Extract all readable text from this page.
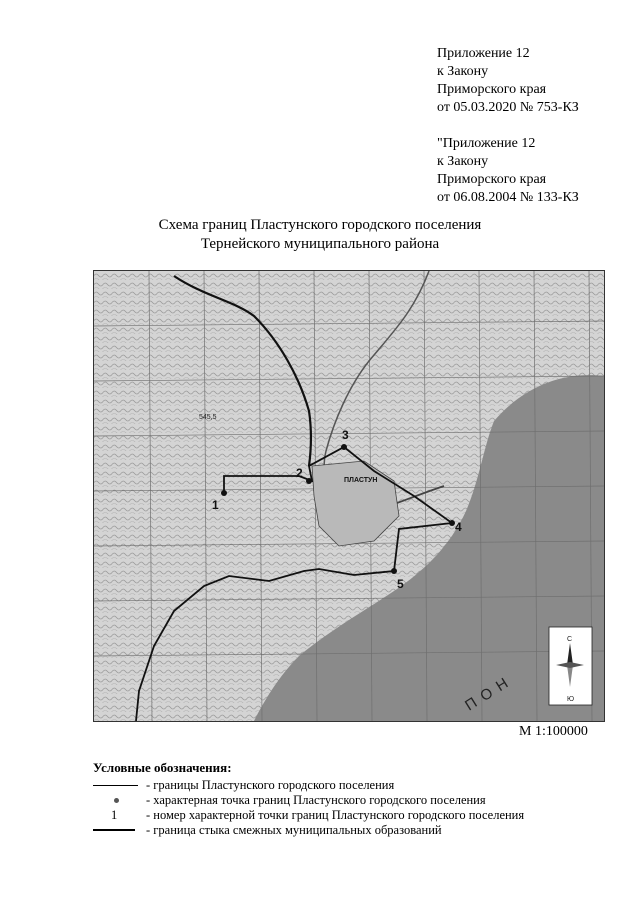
Приложение 12
к Закону
Приморского края
от 05.03.2020 № 753-КЗ
"Приложение 12
к Закону
Приморского края
от 06.08.2004 № 133-КЗ
Схема границ Пластунского городского поселения
Тернейского муниципального района
1
2
3
4
5
ПЛАСТУН
545,5
ПОН
С
Ю
М 1:100000
Условные обозначения:
- границы Пластунского городского поселения
- характерная точка границ Пластунского городского поселения
1 - номер характерной точки границ Пластунского городского поселения
- граница стыка смежных муниципальных образований
